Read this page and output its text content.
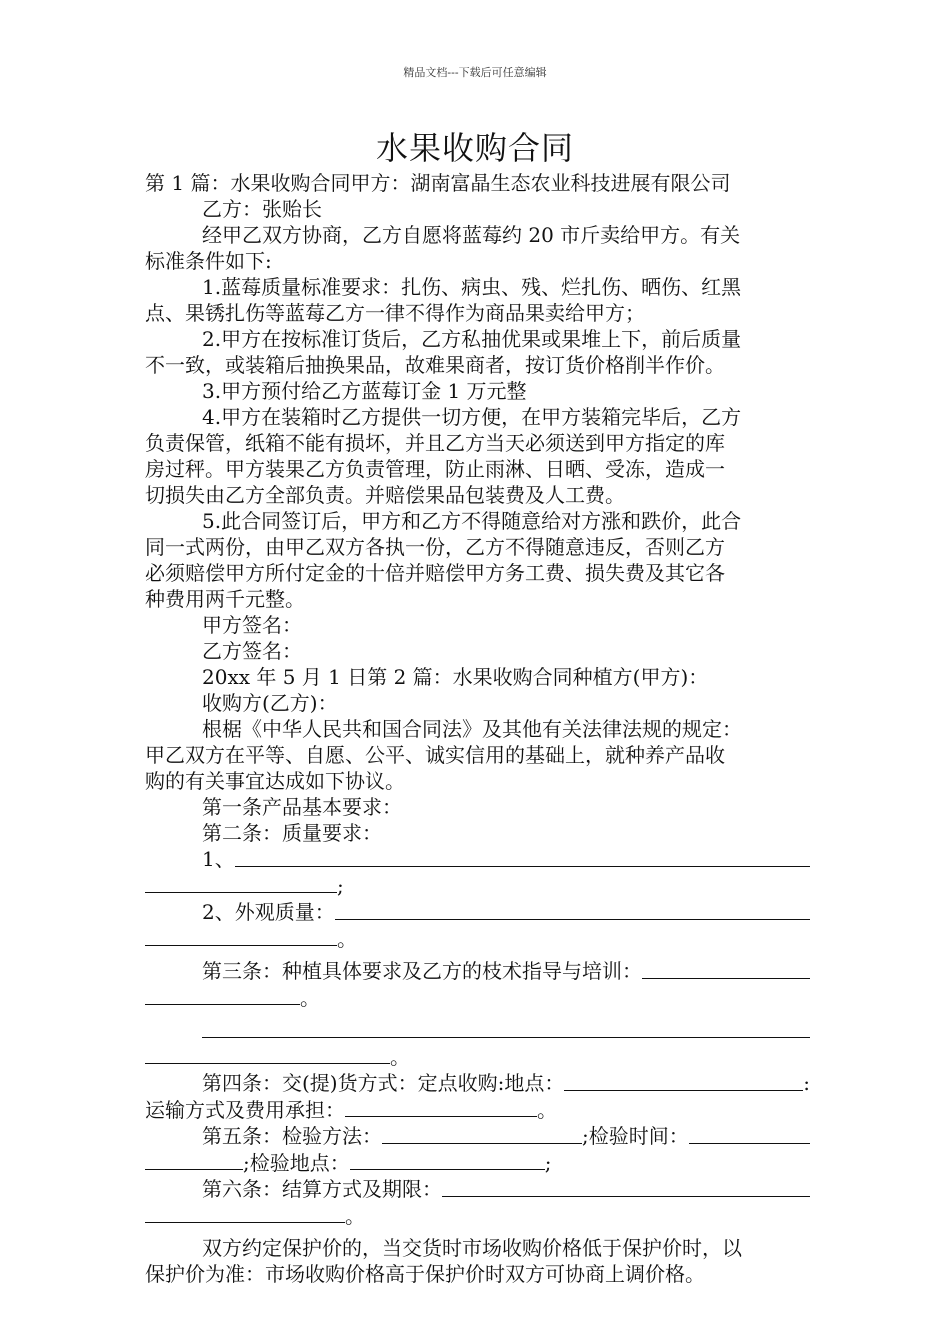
精品文档---下载后可任意编辑
水果收购合同

第 1 篇：水果收购合同甲方：湖南富晶生态农业科技进展有限公司

乙方：张贻长

经甲乙双方协商，乙方自愿将蓝莓约 20 市斤卖给甲方。有关

标准条件如下:

1.蓝莓质量标准要求：扎伤、病虫、残、烂扎伤、晒伤、红黑

点、果锈扎伤等蓝莓乙方一律不得作为商品果卖给甲方；

2.甲方在按标准订货后，乙方私抽优果或果堆上下，前后质量

不一致，或装箱后抽换果品，故难果商者，按订货价格削半作价。

3.甲方预付给乙方蓝莓订金 1 万元整

4.甲方在装箱时乙方提供一切方便，在甲方装箱完毕后，乙方

负责保管，纸箱不能有损坏，并且乙方当天必须送到甲方指定的库

房过秤。甲方装果乙方负责管理，防止雨淋、日晒、受冻，造成一

切损失由乙方全部负责。并赔偿果品包装费及人工费。

5.此合同签订后，甲方和乙方不得随意给对方涨和跌价，此合

同一式两份，由甲乙双方各执一份，乙方不得随意违反，否则乙方

必须赔偿甲方所付定金的十倍并赔偿甲方务工费、损失费及其它各

种费用两千元整。

甲方签名：

乙方签名：

20xx 年 5 月 1 日第 2 篇：水果收购合同种植方(甲方)：

收购方(乙方)：

根椐《中华人民共和国合同法》及其他有关法律法规的规定：

甲乙双方在平等、自愿、公平、诚实信用的基础上，就种养产品收

购的有关事宜达成如下协议。

第一条产品基本要求：

第二条：质量要求：

1、
;
2、外观质量：
。
第三条：种植具体要求及乙方的枝术指导与培训：
。
。
第四条：交(提)货方式：定点收购:地点：	:
运输方式及费用承担：	。
第五条：检验方法：	;检验时间：
;检验地点：	;
第六条：结算方式及期限：
。

双方约定保护价的，当交货时市场收购价格低于保护价时，以

保护价为准：市场收购价格高于保护价时双方可协商上调价格。
